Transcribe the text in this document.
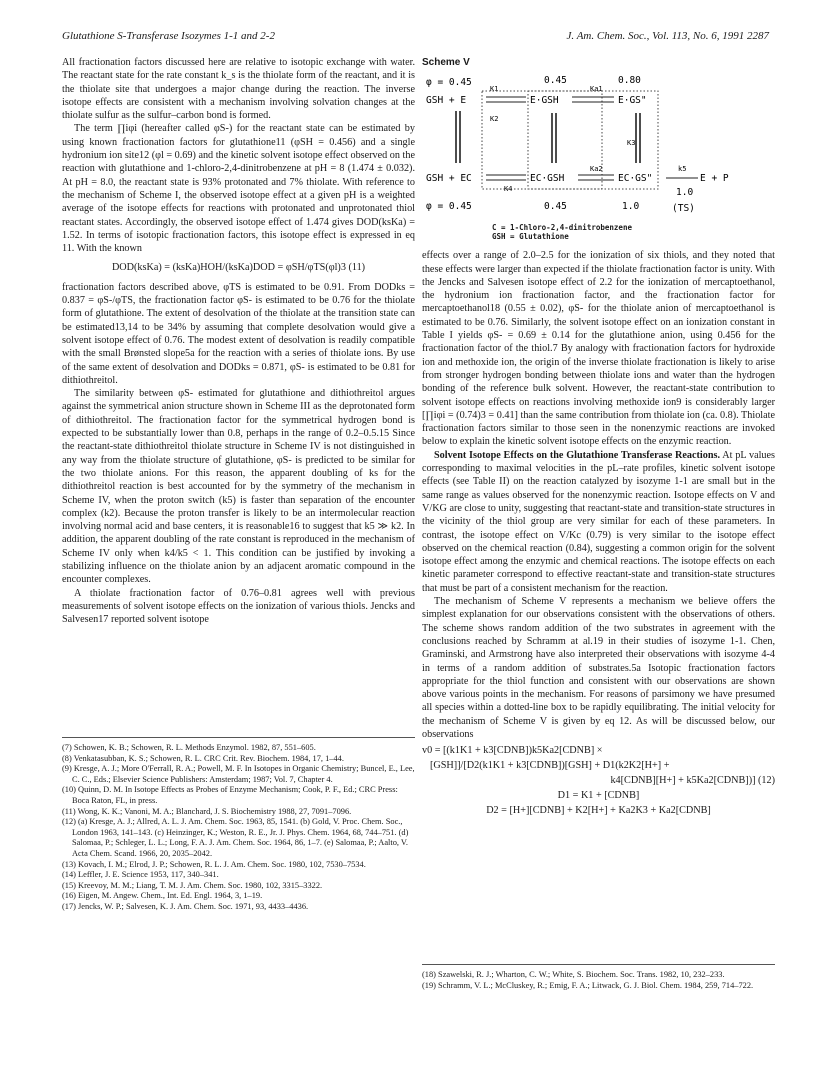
Glutathione S-Transferase Isozymes 1-1 and 2-2	J. Am. Chem. Soc., Vol. 113, No. 6, 1991 2287

All fractionation factors discussed here are relative to isotopic exchange with water. The reactant state for the rate constant k_s is the thiolate form of the reactant, and it is the thiolate site that undergoes a major change during the reaction. The inverse isotope effects are consistent with a mechanism involving solvation changes at the thiolate sulfur as the sulfur–carbon bond is formed.

The term ∏iφi (hereafter called φS-) for the reactant state can be estimated by using known fractionation factors for glutathione11 (φSH = 0.456) and a single hydronium ion site12 (φl = 0.69) and the kinetic solvent isotope effect observed on the reaction with glutathione and 1-chloro-2,4-dinitrobenzene at pH = 8 (1.474 ± 0.032). At pH = 8.0, the reactant state is 93% protonated and 7% thiolate. With reference to the mechanism of Scheme I, the observed isotope effect at a given pH is a weighted average of the isotope effects for reactions with protonated and unprotonated thiol reactant states. Accordingly, the observed isotope effect of 1.474 gives DOD(ksKa) = 1.52. In terms of isotopic fractionation factors, this isotope effect is expressed in eq 11. With the known

DOD(ksKa) = (ksKa)HOH/(ksKa)DOD = φSH/φTS(φl)3 (11)

fractionation factors described above, φTS is estimated to be 0.91. From DODks = 0.837 = φS-/φTS, the fractionation factor φS- is estimated to be 0.76 for the thiolate form of glutathione. The extent of desolvation of the thiolate at the transition state can be estimated13,14 to be 34% by assuming that complete desolvation would give a solvent isotope effect of 0.76. The modest extent of desolvation is readily compatible with the small Brønsted slope5a for the reaction with a series of thiolate ions. By use of the same extent of desolvation and DODks = 0.871, φS- is estimated to be 0.81 for dithiothreitol.

The similarity between φS- estimated for glutathione and dithiothreitol argues against the symmetrical anion structure shown in Scheme III as the deprotonated form of dithiothreitol. The fractionation factor for the symmetrical hydrogen bond is expected to be substantially lower than 0.8, perhaps in the range of 0.2–0.5.15 Since the reactant-state dithiothreitol thiolate structure in Scheme IV is not distinguished in any way from the thiolate structure of glutathione, φS- is predicted to be similar for the two thiolate anions. For this reason, the apparent doubling of ks for the dithiothreitol reaction is best accounted for by the symmetry of the mechanism in Scheme IV, when the proton switch (k5) is faster than separation of the encounter complex (k2). Because the proton transfer is likely to be an intermolecular reaction involving normal acid and base centers, it is reasonable16 to suggest that k5 ≫ k2. In addition, the apparent doubling of the rate constant is reproduced in the mechanism of Scheme IV only when k4/k5 < 1. This condition can be justified by invoking a stabilizing influence on the thiolate anion by an adjacent aromatic compound in the encounter complexes.

A thiolate fractionation factor of 0.76–0.81 agrees well with previous measurements of solvent isotope effects on the ionization of various thiols. Jencks and Salvesen17 reported solvent isotope

(7) Schowen, K. B.; Schowen, R. L. Methods Enzymol. 1982, 87, 551–605.
(8) Venkatasubban, K. S.; Schowen, R. L. CRC Crit. Rev. Biochem. 1984, 17, 1–44.
(9) Kresge, A. J.; More O'Ferrall, R. A.; Powell, M. F. In Isotopes in Organic Chemistry; Buncel, E., Lee, C. C., Eds.; Elsevier Science Publishers: Amsterdam; 1987; Vol. 7, Chapter 4.
(10) Quinn, D. M. In Isotope Effects as Probes of Enzyme Mechanism; Cook, P. F., Ed.; CRC Press: Boca Raton, FL, in press.
(11) Wong, K. K.; Vanoni, M. A.; Blanchard, J. S. Biochemistry 1988, 27, 7091–7096.
(12) (a) Kresge, A. J.; Allred, A. L. J. Am. Chem. Soc. 1963, 85, 1541. (b) Gold, V. Proc. Chem. Soc., London 1963, 141–143. (c) Heinzinger, K.; Weston, R. E., Jr. J. Phys. Chem. 1964, 68, 744–751. (d) Salomaa, P.; Schleger, L. L.; Long, F. A. J. Am. Chem. Soc. 1964, 86, 1–7. (e) Salomaa, P.; Aalto, V. Acta Chem. Scand. 1966, 20, 2035–2042.
(13) Kovach, I. M.; Elrod, J. P.; Schowen, R. L. J. Am. Chem. Soc. 1980, 102, 7530–7534.
(14) Leffler, J. E. Science 1953, 117, 340–341.
(15) Kreevoy, M. M.; Liang, T. M. J. Am. Chem. Soc. 1980, 102, 3315–3322.
(16) Eigen, M. Angew. Chem., Int. Ed. Engl. 1964, 3, 1–19.
(17) Jencks, W. P.; Salvesen, K. J. Am. Chem. Soc. 1971, 93, 4433–4436.
Scheme V
φ = 0.45	0.45	0.80
GSH + E
K1
E·GSH
Ka1
E·GS"
K2
K3
GSH + EC
K4
EC·GSH
Ka2
EC·GS"
k5
E + P
1.0
φ = 0.45	0.45	1.0	(TS)
C = 1-Chloro-2,4-dinitrobenzene
GSH = Glutathione

effects over a range of 2.0–2.5 for the ionization of six thiols, and they noted that these effects were larger than expected if the thiolate fractionation factor is unity. With the Jencks and Salvesen isotope effect of 2.2 for the ionization of mercaptoethanol, the hydronium ion fractionation factor, and the fractionation factor for mercaptoethanol18 (0.55 ± 0.02), φS- for the thiolate anion of mercaptoethanol is estimated to be 0.76. Similarly, the solvent isotope effect on an ionization constant in Table I yields φS- = 0.69 ± 0.14 for the glutathione anion, using 0.456 for the fractionation factor of the thiol.7 By analogy with fractionation factors for hydroxide ion and methoxide ion, the origin of the inverse thiolate fractionation is likely to arise from stronger hydrogen bonding between thiolate ions and water than the hydrogen bonding of the reference bulk solvent. However, the reactant-state contribution to solvent isotope effects on reactions involving methoxide ion9 is considerably larger [∏iφi = (0.74)3 = 0.41] than the same contribution from thiolate ion (ca. 0.8). Thiolate fractionation factors similar to those seen in the nonenzymic reactions are invoked below to explain the kinetic solvent isotope effects on the enzymic reaction.

Solvent Isotope Effects on the Glutathione Transferase Reactions. At pL values corresponding to maximal velocities in the pL–rate profiles, kinetic solvent isotope effects (see Table II) on the reaction catalyzed by isozyme 1-1 are small but in the same range as values observed for the nonenzymic reaction. Isotope effects on V and V/KG are close to unity, suggesting that reactant-state and transition-state structures in the vicinity of the thiol group are very similar for each of these parameters. In contrast, the isotope effect on V/Kc (0.79) is very similar to the isotope effect observed on the chemical reaction (0.84), suggesting a common origin for the solvent isotope effect among the enzymic and chemical reactions. The isotope effects on each kinetic parameter correspond to effective reactant-state and transition-state structures that must be part of a consistent mechanism for the reaction.

The mechanism of Scheme V represents a mechanism we believe offers the simplest explanation for our observations consistent with the observations of others. The scheme shows random addition of the two substrates in agreement with the conclusions reached by Schramm at al.19 in their studies of isozyme 1-1. Chen, Graminski, and Armstrong have also interpreted their observations with isozyme 4-4 in terms of a random addition of substrates.5a Isotopic fractionation factors appropriate for the thiol function and consistent with our observations are shown above various points in the mechanism. For reasons of parsimony we have presumed all species within a dotted-line box to be rapidly equilibrating. The initial velocity for the mechanism of Scheme V is given by eq 12. As will be discussed below, our observations

v0 = [(k1K1 + k3[CDNB])k5Ka2[CDNB] ×
[GSH]]/[D2(k1K1 + k3[CDNB])[GSH] + D1(k2K2[H+] +
k4[CDNB][H+] + k5Ka2[CDNB])] (12)
D1 = K1 + [CDNB]
D2 = [H+][CDNB] + K2[H+] + Ka2K3 + Ka2[CDNB]
(18) Szawelski, R. J.; Wharton, C. W.; White, S. Biochem. Soc. Trans. 1982, 10, 232–233.
(19) Schramm, V. L.; McCluskey, R.; Emig, F. A.; Litwack, G. J. Biol. Chem. 1984, 259, 714–722.
